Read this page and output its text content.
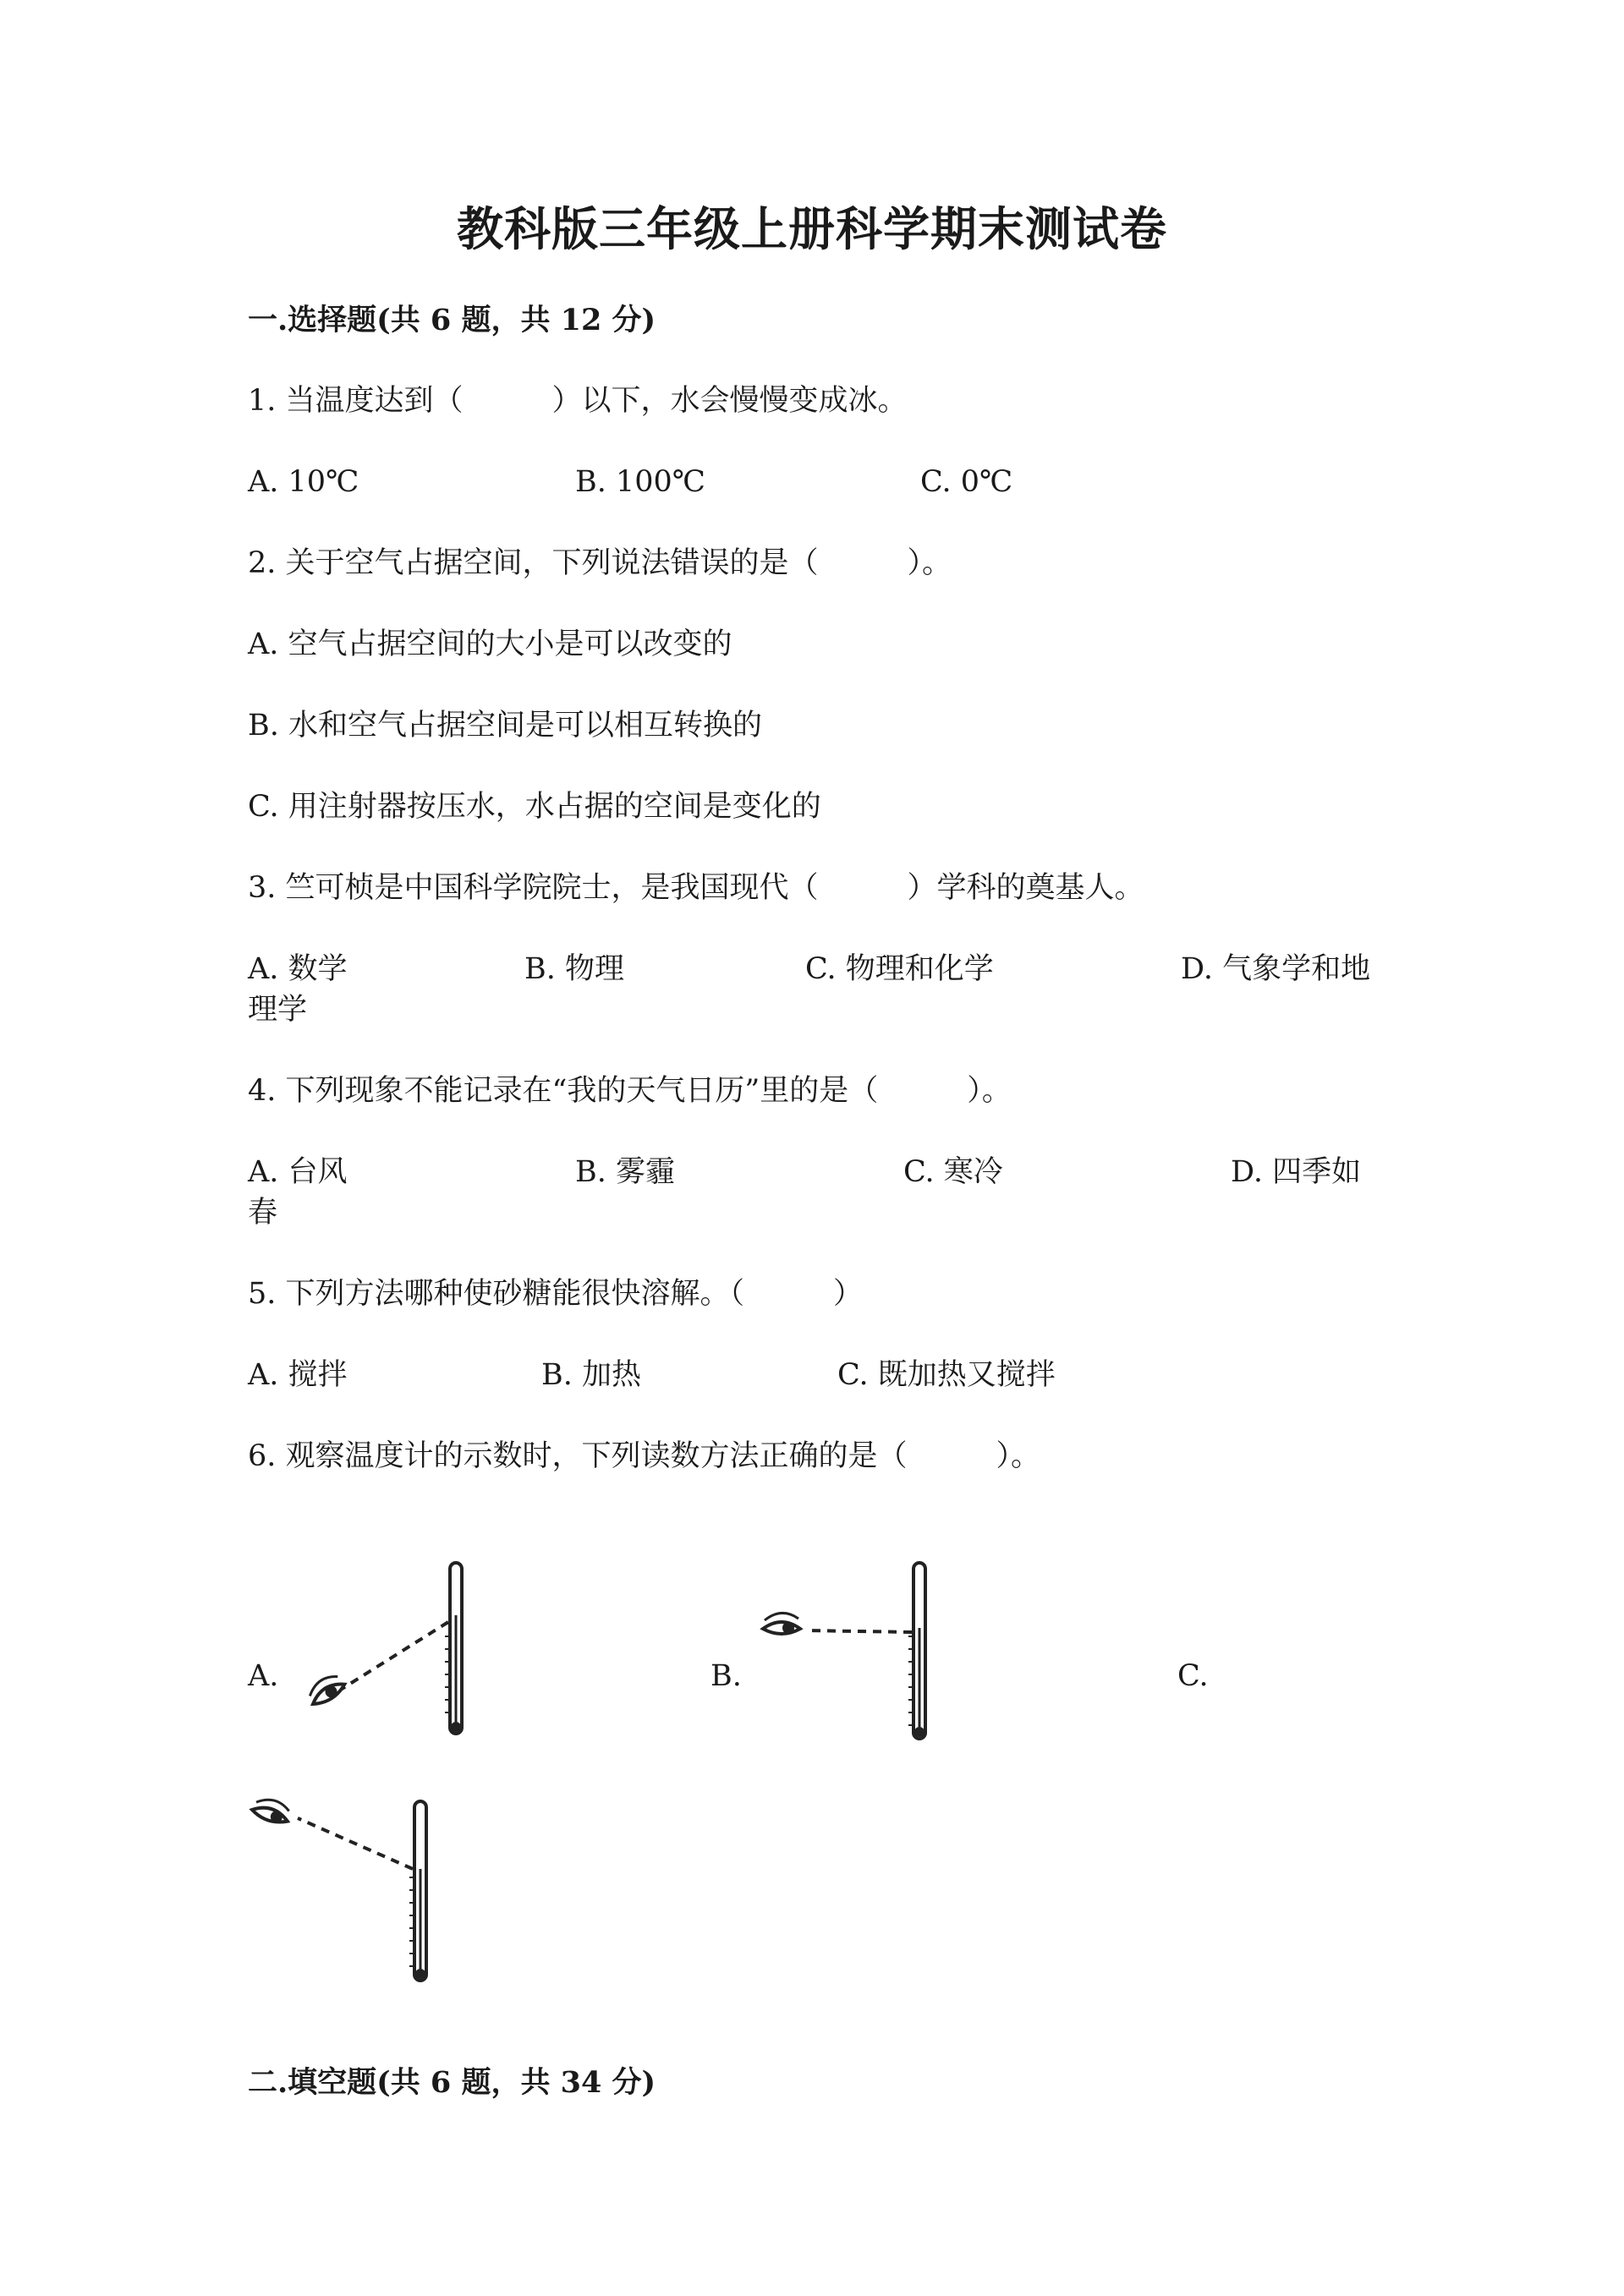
教科版三年级上册科学期末测试卷
一.选择题(共 6 题，共 12 分)
1. 当温度达到（　　　）以下，水会慢慢变成冰。
A. 10℃	B. 100℃	C. 0℃
2. 关于空气占据空间，下列说法错误的是（　　　）。
A. 空气占据空间的大小是可以改变的
B. 水和空气占据空间是可以相互转换的
C. 用注射器按压水，水占据的空间是变化的
3. 竺可桢是中国科学院院士，是我国现代（　　　）学科的奠基人。
A. 数学	B. 物理	C. 物理和化学	D. 气象学和地
理学
4. 下列现象不能记录在“我的天气日历”里的是（　　　）。
A. 台风	B. 雾霾	C. 寒冷	D. 四季如
春
5. 下列方法哪种使砂糖能很快溶解。（　　　）
A. 搅拌	B. 加热	C. 既加热又搅拌
6. 观察温度计的示数时，下列读数方法正确的是（　　　）。
A.	B.	C.
二.填空题(共 6 题，共 34 分)
